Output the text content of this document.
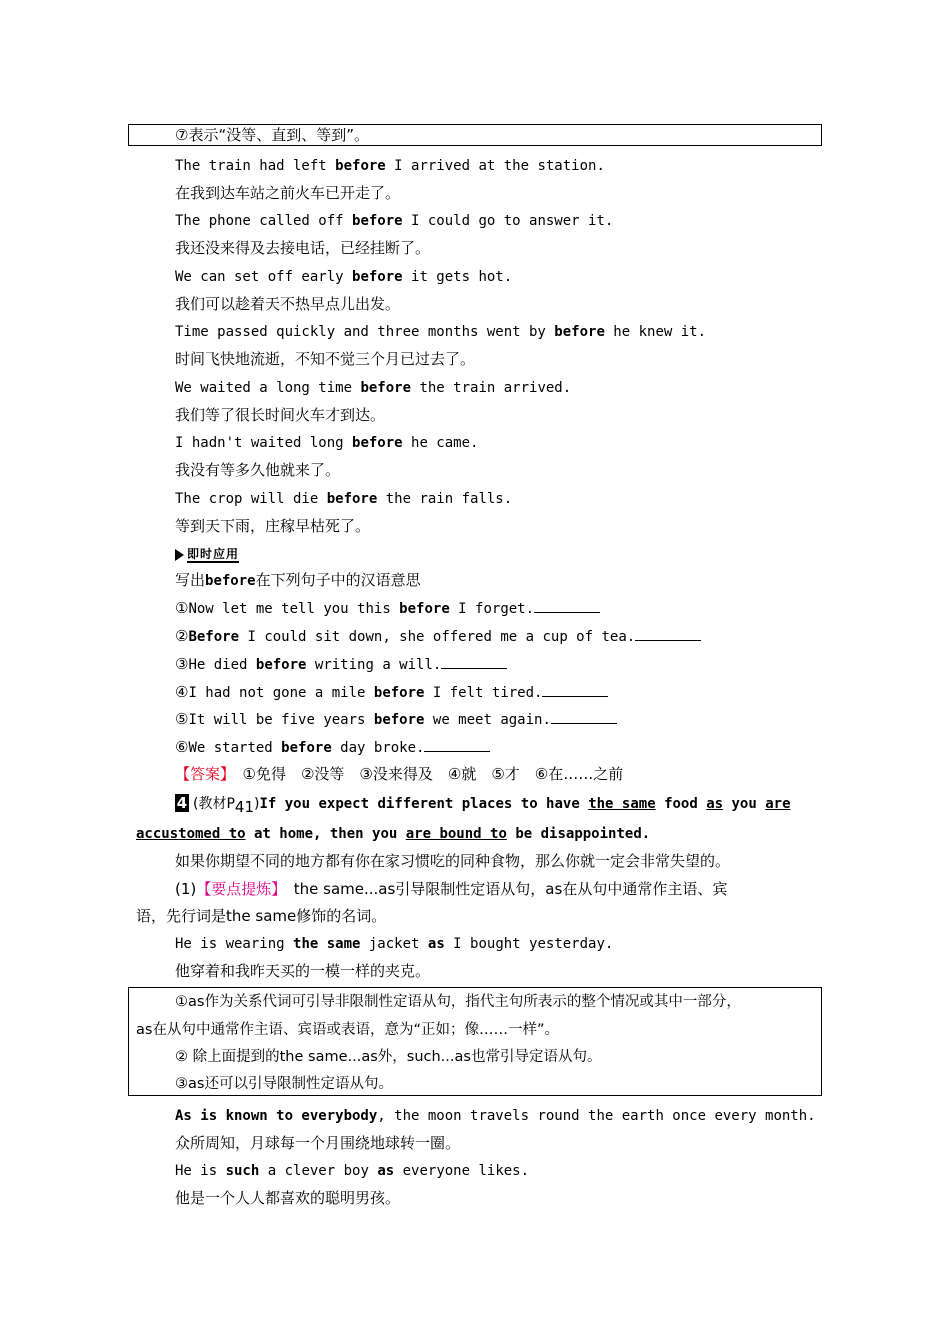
⑦表示“没等、直到、等到”。
The train had left before I arrived at the station.
在我到达车站之前火车已开走了。
The phone called off before I could go to answer it.
我还没来得及去接电话，已经挂断了。
We can set off early before it gets hot.
我们可以趁着天不热早点儿出发。
Time passed quickly and three months went by before he knew it.
时间飞快地流逝，不知不觉三个月已过去了。
We waited a long time before the train arrived.
我们等了很长时间火车才到达。
I hadn't waited long before he came.
我没有等多久他就来了。
The crop will die before the rain falls.
等到天下雨，庄稼早枯死了。
即时应用
写出before在下列句子中的汉语意思
①Now let me tell you this before I forget.
②Before I could sit down, she offered me a cup of tea.
③He died before writing a will.
④I had not gone a mile before I felt tired.
⑤It will be five years before we meet again.
⑥We started before day broke.
【答案】　 ①免得　②没等　③没来得及　④就　⑤才　⑥在……之前
4 (教材$P_{41})If$ you expect different places to have the same food as you are
accustomed to at home, then you are bound to be disappointed.
如果你期望不同的地方都有你在家习惯吃的同种食物，那么你就一定会非常失望的。
(1)【要点提炼】　the same...as引导限制性定语从句，as在从句中通常作主语、宾
语，先行词是the same修饰的名词。
He is wearing the same jacket as I bought yesterday.
他穿着和我昨天买的一模一样的夹克。
①as作为关系代词可引导非限制性定语从句，指代主句所表示的整个情况或其中一部分，
as在从句中通常作主语、宾语或表语，意为“正如；像……一样”。
② 除上面提到的the same...as外，such...as也常引导定语从句。
③as还可以引导限制性定语从句。
As is known to everybody, the moon travels round the earth once every month.
众所周知，月球每一个月围绕地球转一圈。
He is such a clever boy as everyone likes.
他是一个人人都喜欢的聪明男孩。
